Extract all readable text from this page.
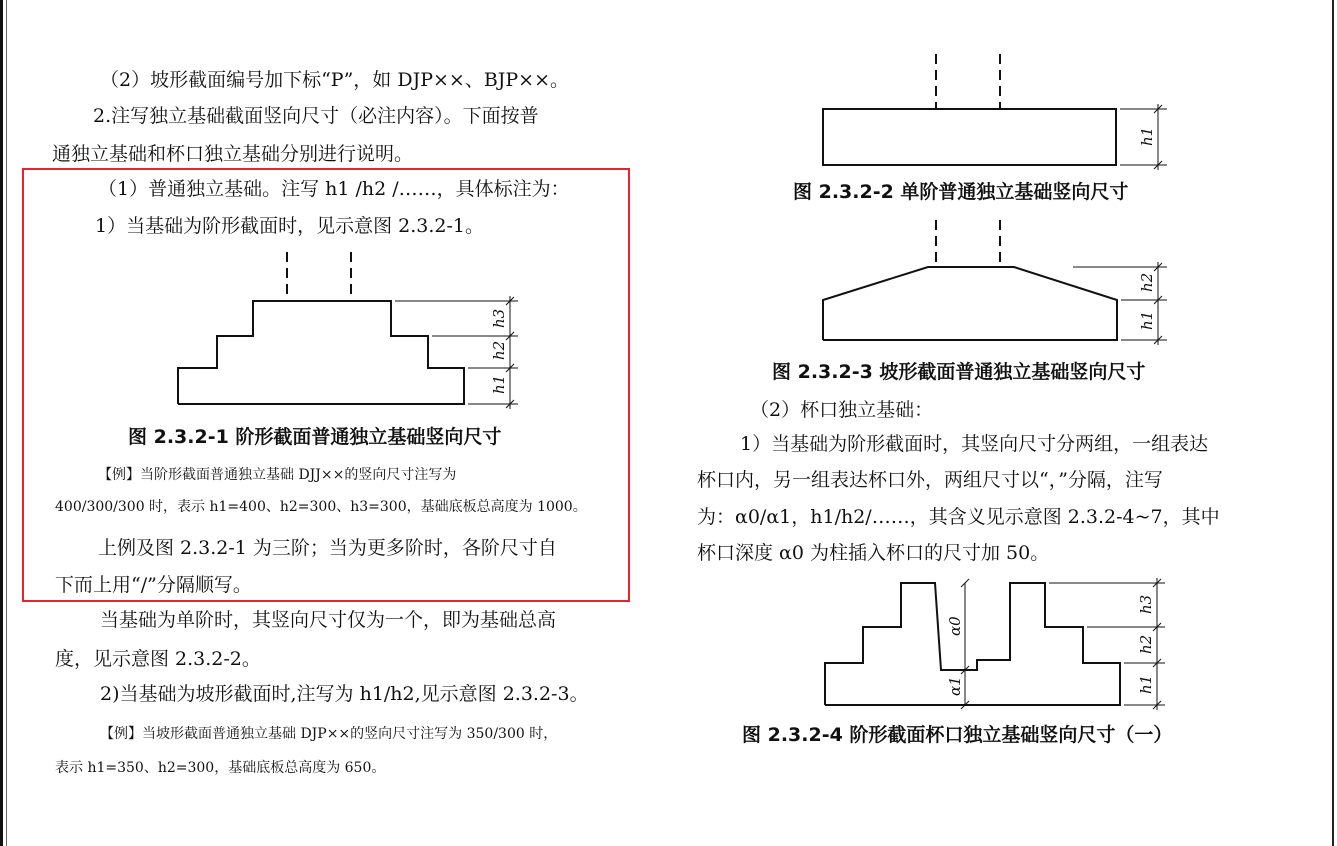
（2）坡形截面编号加下标“P”，如 DJP××、BJP××。
2.注写独立基础截面竖向尺寸（必注内容）。下面按普
通独立基础和杯口独立基础分别进行说明。
（1）普通独立基础。注写 h1 /h2 /……，具体标注为：
1）当基础为阶形截面时，见示意图 2.3.2-1。
h3
h2
h1
图 2.3.2-1 阶形截面普通独立基础竖向尺寸
【例】当阶形截面普通独立基础 DJJ××的竖向尺寸注写为
400/300/300 时，表示 h1=400、h2=300、h3=300，基础底板总高度为 1000。
上例及图 2.3.2-1 为三阶；当为更多阶时，各阶尺寸自
下而上用“/”分隔顺写。
当基础为单阶时，其竖向尺寸仅为一个，即为基础总高
度，见示意图 2.3.2-2。
2)当基础为坡形截面时,注写为 h1/h2,见示意图 2.3.2-3。
【例】当坡形截面普通独立基础 DJP××的竖向尺寸注写为 350/300 时，
表示 h1=350、h2=300，基础底板总高度为 650。
h1
图 2.3.2-2 单阶普通独立基础竖向尺寸
h2
h1
图 2.3.2-3 坡形截面普通独立基础竖向尺寸
（2）杯口独立基础：
1）当基础为阶形截面时，其竖向尺寸分两组，一组表达
杯口内，另一组表达杯口外，两组尺寸以“，”分隔，注写
为：α0/α1，h1/h2/……，其含义见示意图 2.3.2-4~7，其中
杯口深度 α0 为柱插入杯口的尺寸加 50。
α0
α1
h3
h2
h1
图 2.3.2-4 阶形截面杯口独立基础竖向尺寸（一）
